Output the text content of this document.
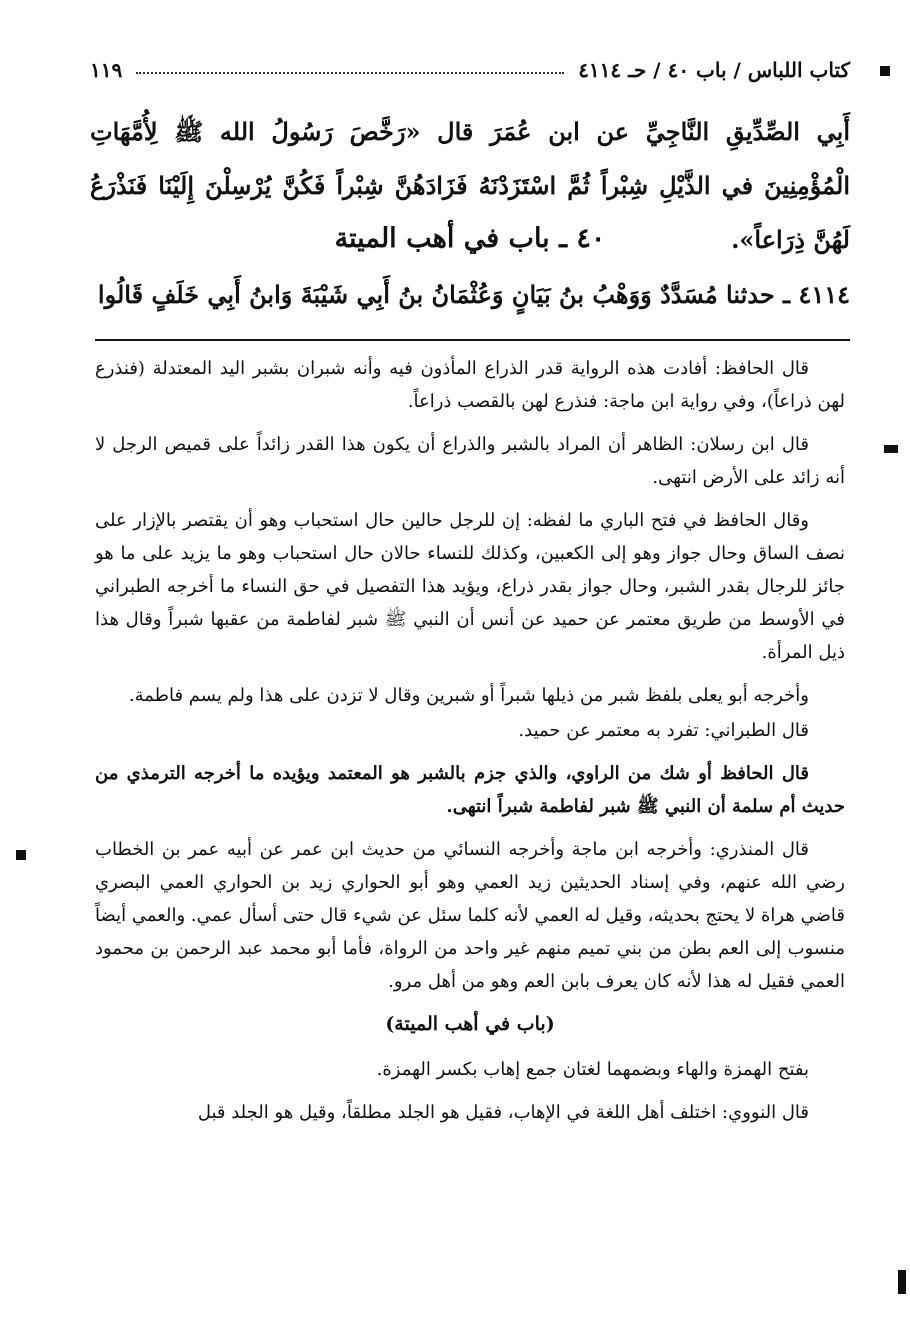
كتاب اللباس / باب ٤٠ / حـ ٤١١٤
١١٩
أَبِي الصِّدِّيقِ النَّاجِيِّ عن ابن عُمَرَ قال «رَخَّصَ رَسُولُ الله ﷺ لِأُمَّهَاتِ الْمُؤْمِنِينَ في الذَّيْلِ شِبْراً ثُمَّ اسْتَزَدْنَهُ فَزَادَهُنَّ شِبْراً فَكُنَّ يُرْسِلْنَ إِلَيْنَا فَنَذْرَعُ لَهُنَّ ذِرَاعاً».
٤٠ ـ باب في أهب الميتة
٤١١٤ ـ حدثنا مُسَدَّدٌ وَوَهْبُ بنُ بَيَانٍ وَعُثْمَانُ بنُ أَبِي شَيْبَةَ وَابنُ أَبِي خَلَفٍ قَالُوا

قال الحافظ: أفادت هذه الرواية قدر الذراع المأذون فيه وأنه شبران بشبر اليد المعتدلة (فنذرع لهن ذراعاً)، وفي رواية ابن ماجة: فنذرع لهن بالقصب ذراعاً.

قال ابن رسلان: الظاهر أن المراد بالشبر والذراع أن يكون هذا القدر زائداً على قميص الرجل لا أنه زائد على الأرض انتهى.

وقال الحافظ في فتح الباري ما لفظه: إن للرجل حالين حال استحباب وهو أن يقتصر بالإزار على نصف الساق وحال جواز وهو إلى الكعبين، وكذلك للنساء حالان حال استحباب وهو ما يزيد على ما هو جائز للرجال بقدر الشبر، وحال جواز بقدر ذراع، ويؤيد هذا التفصيل في حق النساء ما أخرجه الطبراني في الأوسط من طريق معتمر عن حميد عن أنس أن النبي ﷺ شبر لفاطمة من عقبها شبراً وقال هذا ذيل المرأة.

وأخرجه أبو يعلى بلفظ شبر من ذيلها شبراً أو شبرين وقال لا تزدن على هذا ولم يسم فاطمة.

قال الطبراني: تفرد به معتمر عن حميد.

قال الحافظ أو شك من الراوي، والذي جزم بالشبر هو المعتمد ويؤيده ما أخرجه الترمذي من حديث أم سلمة أن النبي ﷺ شبر لفاطمة شبراً انتهى.

قال المنذري: وأخرجه ابن ماجة وأخرجه النسائي من حديث ابن عمر عن أبيه عمر بن الخطاب رضي الله عنهم، وفي إسناد الحديثين زيد العمي وهو أبو الحواري زيد بن الحواري العمي البصري قاضي هراة لا يحتج بحديثه، وقيل له العمي لأنه كلما سئل عن شيء قال حتى أسأل عمي. والعمي أيضاً منسوب إلى العم بطن من بني تميم منهم غير واحد من الرواة، فأما أبو محمد عبد الرحمن بن محمود العمي فقيل له هذا لأنه كان يعرف بابن العم وهو من أهل مرو.

(باب في أهب الميتة)

بفتح الهمزة والهاء وبضمهما لغتان جمع إهاب بكسر الهمزة.

قال النووي: اختلف أهل اللغة في الإهاب، فقيل هو الجلد مطلقاً، وقيل هو الجلد قبل
